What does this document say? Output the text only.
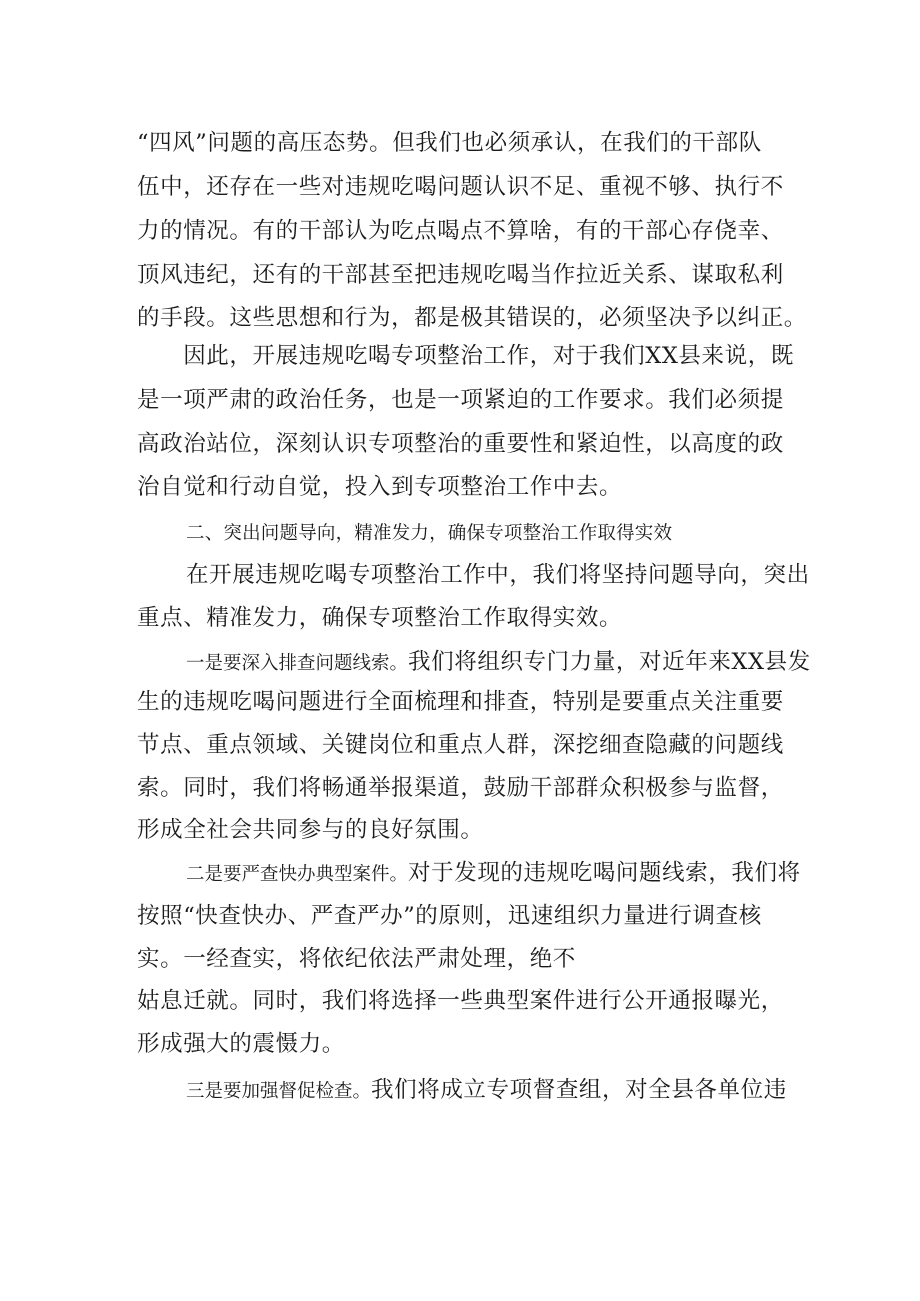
“四风”问题的高压态势。但我们也必须承认，在我们的干部队
伍中，还存在一些对违规吃喝问题认识不足、重视不够、执行不
力的情况。有的干部认为吃点喝点不算啥，有的干部心存侥幸、
顶风违纪，还有的干部甚至把违规吃喝当作拉近关系、谋取私利
的手段。这些思想和行为，都是极其错误的，必须坚决予以纠正。
　　因此，开展违规吃喝专项整治工作，对于我们XX县来说，既
是一项严肃的政治任务，也是一项紧迫的工作要求。我们必须提
高政治站位，深刻认识专项整治的重要性和紧迫性，以高度的政
治自觉和行动自觉，投入到专项整治工作中去。
二、突出问题导向，精准发力，确保专项整治工作取得实效
在开展违规吃喝专项整治工作中，我们将坚持问题导向，突出
重点、精准发力，确保专项整治工作取得实效。
一是要深入排查问题线索。我们将组织专门力量，对近年来XX县发
生的违规吃喝问题进行全面梳理和排查，特别是要重点关注重要
节点、重点领域、关键岗位和重点人群，深挖细查隐藏的问题线
索。同时，我们将畅通举报渠道，鼓励干部群众积极参与监督，
形成全社会共同参与的良好氛围。
二是要严查快办典型案件。对于发现的违规吃喝问题线索，我们将
按照“快查快办、严查严办”的原则，迅速组织力量进行调查核
实。一经查实，将依纪依法严肃处理，绝不
姑息迁就。同时，我们将选择一些典型案件进行公开通报曝光，
形成强大的震慑力。
三是要加强督促检查。我们将成立专项督查组，对全县各单位违
